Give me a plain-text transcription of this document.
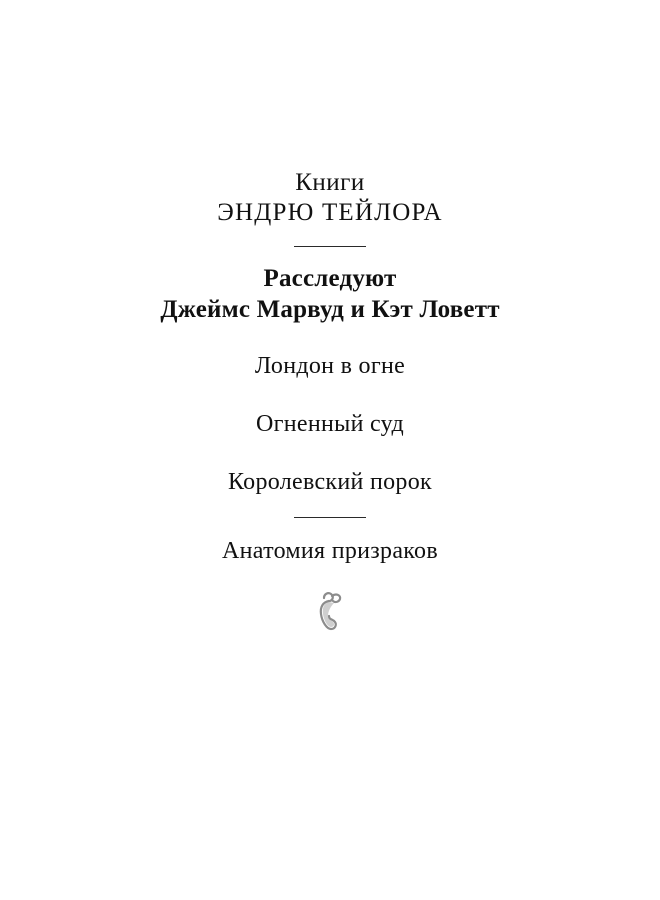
Книги
ЭНДРЮ ТЕЙЛОРА
Расследуют
Джеймс Марвуд и Кэт Ловетт
Лондон в огне
Огненный суд
Королевский порок
Анатомия призраков
